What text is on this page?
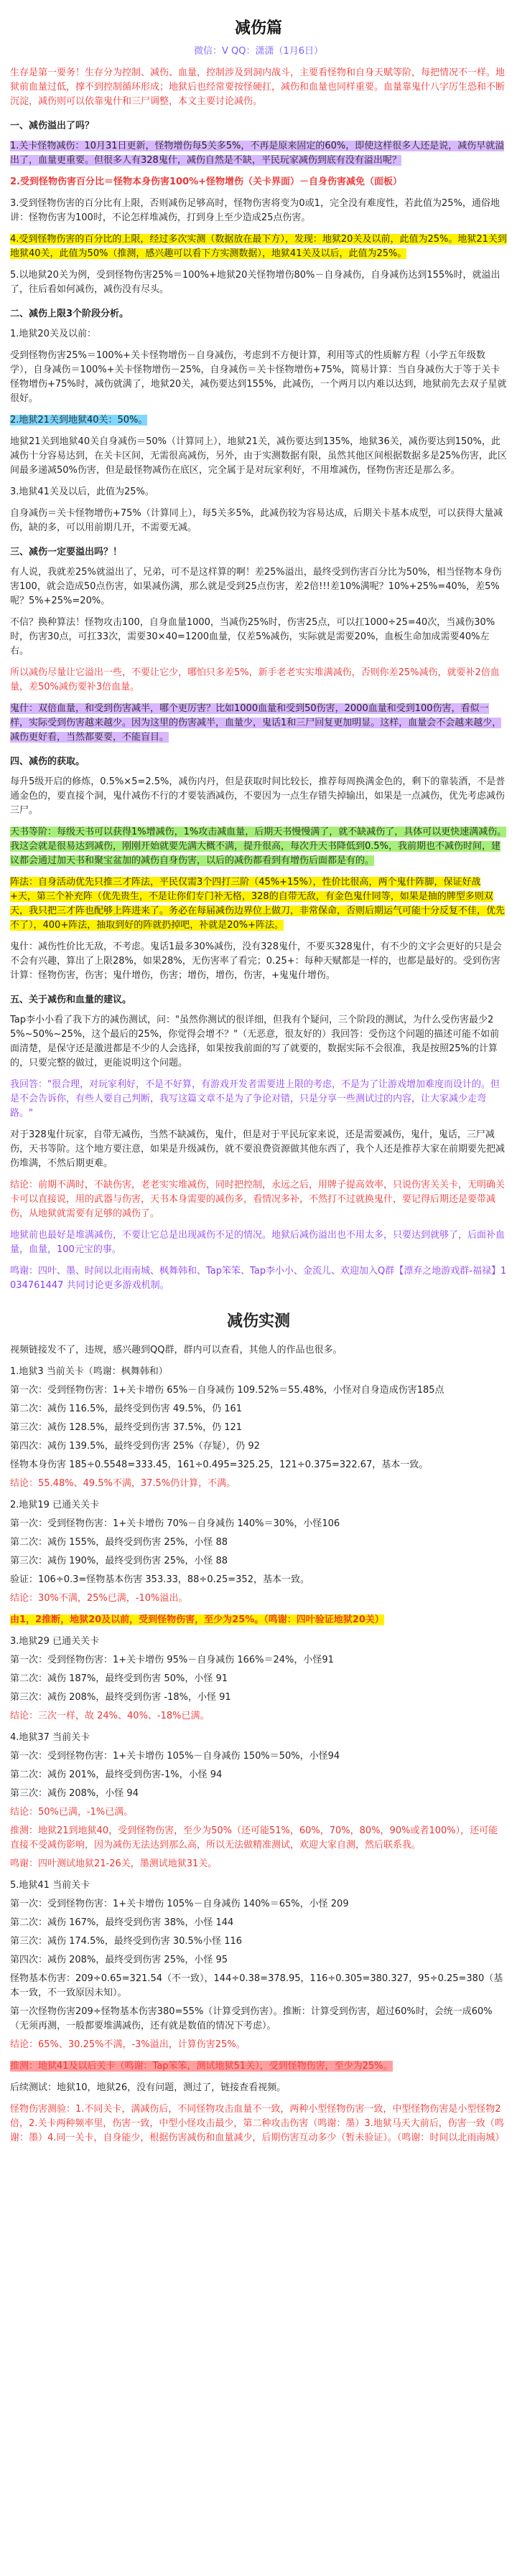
减伤篇
微信：V QQ：潇潇（1月6日）

生存是第一要务！生存分为控制、减伤、血量，控制涉及到洞内战斗，主要看怪物和自身天赋等阶，每把情况不一样。地狱前血量过低，撑不到控制循环形成；地狱后也经常要按怪硬扛，减伤和血量也同样重要。血量靠鬼什八字厉生恐和不断沉淀，减伤则可以依靠鬼什和三尸调整，本文主要讨论减伤。

一、减伤溢出了吗？

1.关卡怪物减伤：10月31日更新，怪物增伤每5关多5%，不再是原来固定的60%，即使这样很多人还是说，减伤早就溢出了，血量更重要。但很多人有328鬼什，减伤自然是不缺，平民玩家减伤到底有没有溢出呢？

2.受到怪物伤害百分比＝怪物本身伤害100%+怪物增伤（关卡界面）－自身伤害减免（面板）

3.受到怪物伤害的百分比有上限，否则减伤足够高时，怪物伤害将变为0或1，完全没有难度性，若此值为25%，通俗地讲：怪物伤害为100时，不论怎样堆减伤，打到身上至少造成25点伤害。

4.受到怪物伤害的百分比的上限，经过多次实测（数据放在最下方），发现：地狱20关及以前，此值为25%。地狱21关到地狱40关，此值为50%（推测，感兴趣可以看下方实测数据），地狱41关及以后，此值为25%。

5.以地狱20关为例，受到怪物伤害25%＝100%+地狱20关怪物增伤80%－自身减伤，自身减伤达到155%时，就溢出了，往后看如何减伤，减伤没有尽头。

二、减伤上限3个阶段分析。

1.地狱20关及以前：

受到怪物伤害25%＝100%+关卡怪物增伤－自身减伤，考虑到不方便计算，利用等式的性质解方程（小学五年级数学），自身减伤＝100%+关卡怪物增伤－25%，自身减伤＝关卡怪物增伤+75%，简易计算：当自身减伤大于等于关卡怪物增伤+75%时，减伤就满了，地狱20关，减伤要达到155%，此减伤，一个两月以内难以达到，地狱前先去双子星就很好。

2.地狱21关到地狱40关：50%。

地狱21关到地狱40关自身减伤＝50%（计算同上），地狱21关，减伤要达到135%，地狱36关，减伤要达到150%，此减伤十分容易达到，在关卡区间，无需很高减伤，另外，由于实测数据有限，虽然其他区间根据数据多是25%伤害，此区间最多递减50%伤害，但是最怪物减伤在底区，完全属于是对玩家利好，不用堆减伤，怪物伤害还是那么多。

3.地狱41关及以后，此值为25%。

自身减伤＝关卡怪物增伤+75%（计算同上），每5关多5%，此减伤较为容易达成，后期关卡基本成型，可以获得大量减伤，缺的多，可以用前期几开，不需要无减。

三、减伤一定要溢出吗？！

有人说，我就差25%就溢出了，兄弟，可不是这样算的啊！差25%溢出，最终受到伤害百分比为50%，相当怪物本身伤害100，就会造成50点伤害，如果减伤满，那么就是受到25点伤害，差2倍!!!差10%满呢？10%+25%=40%，差5%呢？5%+25%=20%。

不信？换种算法！怪物攻击100，自身血量1000，当减伤25%时，伤害25点，可以扛1000÷25=40次，当减伤30%时，伤害30点，可扛33次，需要30×40=1200血量，仅差5%减伤，实际就是需要20%，血板生命加成需要40%左右。

所以减伤尽量让它溢出一些，不要让它少，哪怕只多差5%，新手老老实实堆满减伤，否则你差25%减伤，就要补2倍血量，差50%减伤要补3倍血量。

鬼什：双倍血量，和受到伤害减半，哪个更厉害？比如1000血量和受到50伤害，2000血量和受到100伤害，看似一样，实际受到伤害越来越少。因为这里的伤害减半，血量少，鬼话1和三尸回复更加明显。这样，血量会不会越来越少，减伤更好看，当然都要要，不能盲目。

四、减伤的获取。

每升5级开启的修炼，0.5%×5=2.5%，减伤内丹，但是获取时间比较长，推荐每周换满金色的，剩下的靠装酒，不是普通金色的，要直接个洞，鬼什减伤不行的才要装酒减伤，不要因为一点生存错失掉输出，如果是一点减伤，优先考虑减伤三尸。

天书等阶：每级天书可以获得1%增减伤，1%攻击减血量，后期天书慢慢满了，就不缺减伤了，具体可以更快速满减伤。我这会就是很易达到减伤，刚刚开始就要先满大概不满，提升很高，每次升天书降低到0.5%，我前期也不减伤时间，建议都会通过加天书和聚宝盆加的减伤自身伤害，以后的减伤都看到有增伤后面都是有的。

阵法：自身活动优先只推三才阵法，平民仅需3个四打三阶（45%+15%），性价比很高，两个鬼什阵脚，保证好战+天，第三个补充阵（优先贵生，不是让你们专门补无格，328的自带无敌，有金色鬼什同等，如果是抽的牌型多则双天，我只把三才阵也配够上阵进来了。务必在每届减伤边界位上做刀，非常保命，否则后期运气可能十分反复不佳，优先不了），400+阵法，抽取到好的阵就扔掉吧，补就是20%+阵法。

鬼什：减伤性价比无敌，不考虑。鬼话1最多30%减伤，没有328鬼什，不要买328鬼什，有不少的文字会更好的只是会不会有兴趣，算出了上限28%，如果28%，无伤害率了看完；0.25+：每种天赋都是一样的，也都是最好的。受到伤害计算：怪物伤害，伤害；鬼什增伤，伤害；增伤，增伤，伤害，+鬼鬼什增伤。

五、关于减伤和血量的建议。

Tap李小小看了我下方的减伤测试，问："虽然你测试的很详细，但我有个疑问，三个阶段的测试，为什么受伤害最少25%~50%~25%，这个最后的25%，你觉得会增不？"（无恶意，很友好的）我回答：受伤这个问题的描述可能不如前面清楚，是保守还是激进都是不少的人会选择，如果按我前面的写了就要的，数据实际不会很准，我是按照25%的计算的，只要完整的做过，更能说明这个问题。

我回答："很合理，对玩家利好，不是不好算，有游戏开发者需要进上限的考虑，不是为了让游戏增加难度而设计的。但是不会告诉你，有些人要自己判断，我写这篇文章不是为了争论对错，只是分享一些测试过的内容，让大家减少走弯路。"

对于328鬼什玩家，自带无减伤，当然不缺减伤，鬼什，但是对于平民玩家来说，还是需要减伤，鬼什，鬼话，三尸减伤，天书等阶。这个地方要注意，如果是升级减伤，就不要浪费资源做其他东西了，我个人还是推荐大家在前期要先把减伤堆满，不然后期更难。

结论：前期不满时，不缺伤害，老老实实堆减伤，同时把控制，永远之后，用牌子提高效率，只说伤害关关卡，无明确关卡可以直接说，用的武器与伤害，天书本身需要的减伤多，看情况多补，不然打不过就换鬼什，要记得后期还是要带减伤，从地狱就需要有足够的减伤了。

地狱前也最好是堆满减伤，不要让它总是出现减伤不足的情况。地狱后减伤溢出也不用太多，只要达到就够了，后面补血量，血量，100元宝的事。

鸣谢：四叶、墨、时间以北雨南城、枫舞韩和、Tap笨笨、Tap李小小、金流儿、欢迎加入Q群【漂弃之地游戏群-福禄】1034761447 共同讨论更多游戏机制。

减伤实测

视频链接发不了，违规，感兴趣到QQ群，群内可以查看，其他人的作品也很多。

1.地狱3 当前关卡（鸣谢：枫舞韩和）

第一次：受到怪物伤害：1+关卡增伤 65%－自身减伤 109.52%＝55.48%，小怪对自身造成伤害185点

第二次：减伤 116.5%，最终受到伤害 49.5%，仍 161

第三次：减伤 128.5%，最终受到伤害 37.5%，仍 121

第四次：减伤 139.5%，最终受到伤害 25%（存疑），仍 92

怪物本身伤害 185÷0.5548=333.45，161÷0.495=325.25，121÷0.375=322.67，基本一致。

结论：55.48%、49.5%不满，37.5%仍计算，不满。

2.地狱19 已通关关卡

第一次：受到怪物伤害：1+关卡增伤 70%－自身减伤 140%＝30%，小怪106

第二次：减伤 155%，最终受到伤害 25%，小怪 88

第三次：减伤 190%，最终受到伤害 25%，小怪 88

验证：106÷0.3=怪物基本伤害 353.33，88÷0.25=352，基本一致。

结论：30%不满，25%已满，-10%溢出。

由1，2推断，地狱20及以前，受到怪物伤害，至少为25%。（鸣谢：四叶验证地狱20关）

3.地狱29 已通关关卡

第一次：受到怪物伤害：1+关卡增伤 95%－自身减伤 166%＝24%，小怪91

第二次：减伤 187%，最终受到伤害 50%，小怪 91

第三次：减伤 208%，最终受到伤害 -18%，小怪 91

结论：三次一样，故 24%、40%、-18%已满。

4.地狱37 当前关卡

第一次：受到怪物伤害：1+关卡增伤 105%－自身减伤 150%＝50%，小怪94

第二次：减伤 201%，最终受到伤害-1%，小怪 94

第三次：减伤 208%，小怪 94

结论：50%已满，-1%已满。

推测：地狱21到地狱40，受到怪物伤害，至少为50%（还可能51%，60%，70%，80%，90%或者100%），还可能直接不受减伤影响，因为减伤无法达到那么高，所以无法做精准测试，欢迎大家自测，然后联系我。

鸣谢：四叶测试地狱21-26关，墨测试地狱31关。

5.地狱41 当前关卡

第一次：受到怪物伤害：1+关卡增伤 105%－自身减伤 140%＝65%，小怪 209

第二次：减伤 167%，最终受到伤害 38%，小怪 144

第三次：减伤 174.5%，最终受到伤害 30.5%小怪 116

第四次：减伤 208%，最终受到伤害 25%，小怪 95

怪物基本伤害：209÷0.65=321.54（不一致），144÷0.38=378.95，116÷0.305=380.327，95÷0.25=380（基本一致，不一致原因未知）。

第一次怪物伤害209÷怪物基本伤害380=55%（计算受到伤害）。推断：计算受到伤害，超过60%时，会统一成60%（无须再测，一般都要堆满减伤，还有就是数值的情况下考虑）。

结论：65%、30.25%不满，-3%溢出，计算伤害25%。

推测：地狱41及以后关卡（鸣谢：Tap笨笨，测试地狱51关），受到怪物伤害，至少为25%。

后续测试：地狱10，地狱26，没有问题，测过了，链接查看视频。

怪物伤害测验：1.不同关卡，满减伤后，不同怪物攻击血量不一致，两种小型怪物伤害一致，中型怪物伤害是小型怪物2倍，2.关卡两种频率里，伤害一致，中型小怪攻击最少，第二种攻击伤害（鸣谢：墨）3.地狱马天大前后，伤害一致（鸣谢：墨）4.同一关卡，自身能少，根据伤害减伤和血量减少，后期伤害互动多少（暂未验证）。（鸣谢：时间以北雨南城）
